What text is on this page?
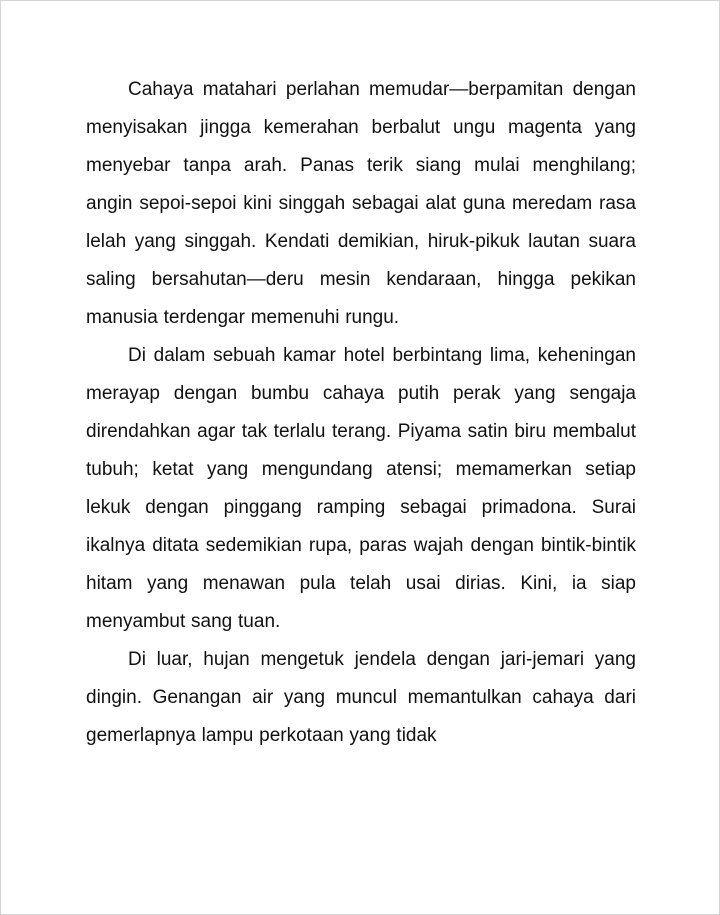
Cahaya matahari perlahan memudar—berpamitan dengan menyisakan jingga kemerahan berbalut ungu magenta yang menyebar tanpa arah. Panas terik siang mulai menghilang; angin sepoi-sepoi kini singgah sebagai alat guna meredam rasa lelah yang singgah. Kendati demikian, hiruk-pikuk lautan suara saling bersahutan—deru mesin kendaraan, hingga pekikan manusia terdengar memenuhi rungu.

Di dalam sebuah kamar hotel berbintang lima, keheningan merayap dengan bumbu cahaya putih perak yang sengaja direndahkan agar tak terlalu terang. Piyama satin biru membalut tubuh; ketat yang mengundang atensi; memamerkan setiap lekuk dengan pinggang ramping sebagai primadona. Surai ikalnya ditata sedemikian rupa, paras wajah dengan bintik-bintik hitam yang menawan pula telah usai dirias. Kini, ia siap menyambut sang tuan.

Di luar, hujan mengetuk jendela dengan jari-jemari yang dingin. Genangan air yang muncul memantulkan cahaya dari gemerlapnya lampu perkotaan yang tidak
